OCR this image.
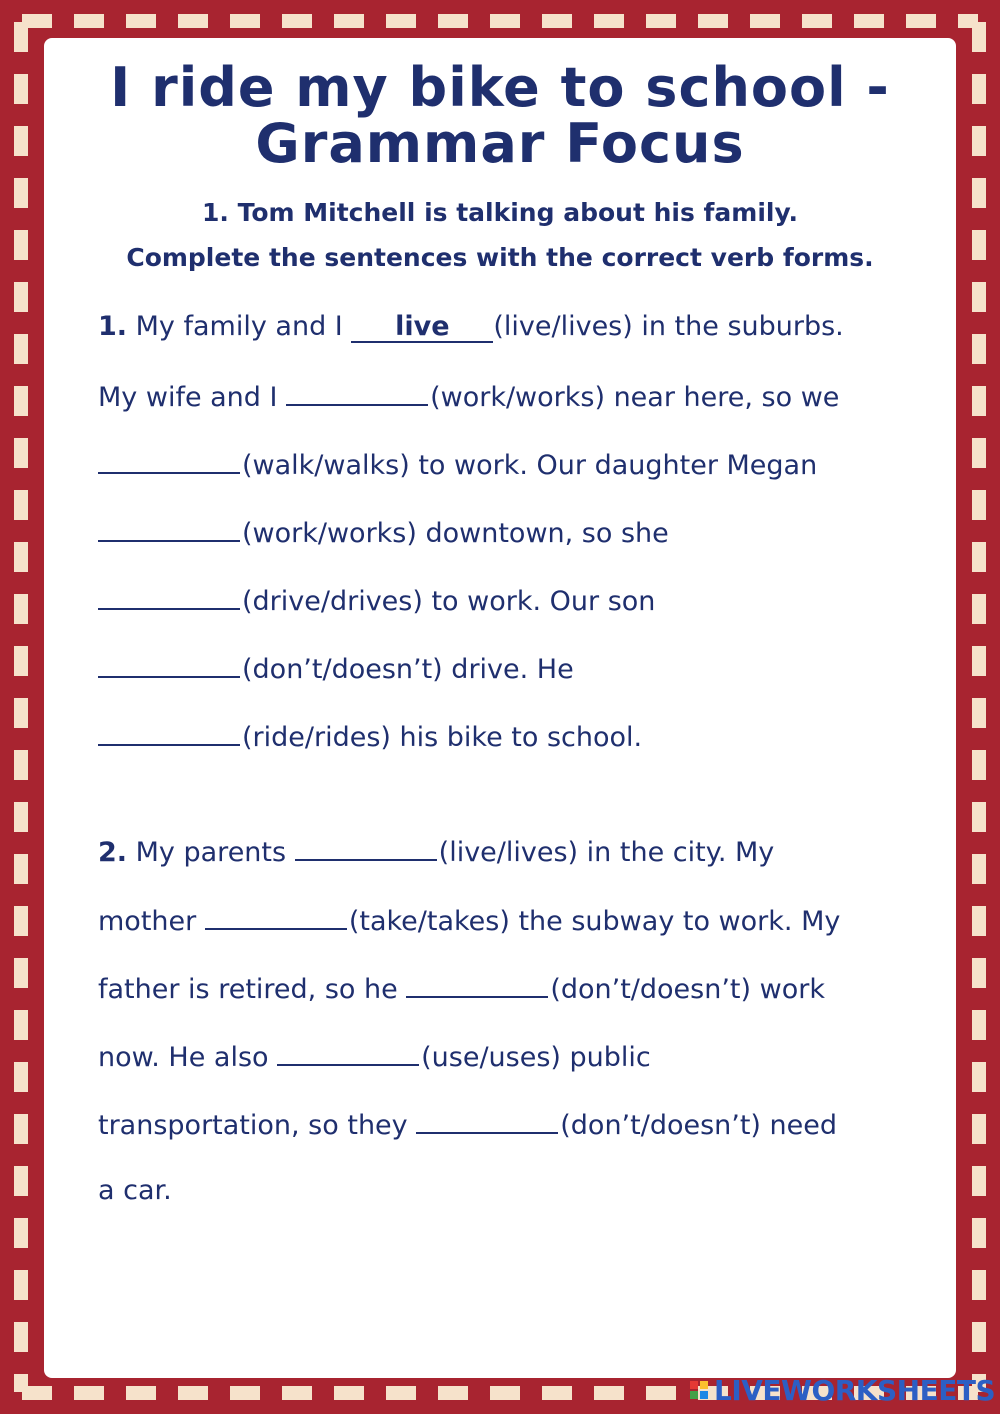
I ride my bike to school -
Grammar Focus
1. Tom Mitchell is talking about his family.
Complete the sentences with the correct verb forms.
1. My family and I live (live/lives) in the suburbs.
My wife and I	(work/works) near here, so we
(walk/walks) to work. Our daughter Megan
(work/works) downtown, so she
(drive/drives) to work. Our son
(don’t/doesn’t) drive. He
(ride/rides) his bike to school.
2. My parents	(live/lives) in the city. My
mother	(take/takes) the subway to work. My
father is retired, so he	(don’t/doesn’t) work
now. He also	(use/uses) public
transportation, so they	(don’t/doesn’t) need
a car.
LIVEWORKSHEETS
